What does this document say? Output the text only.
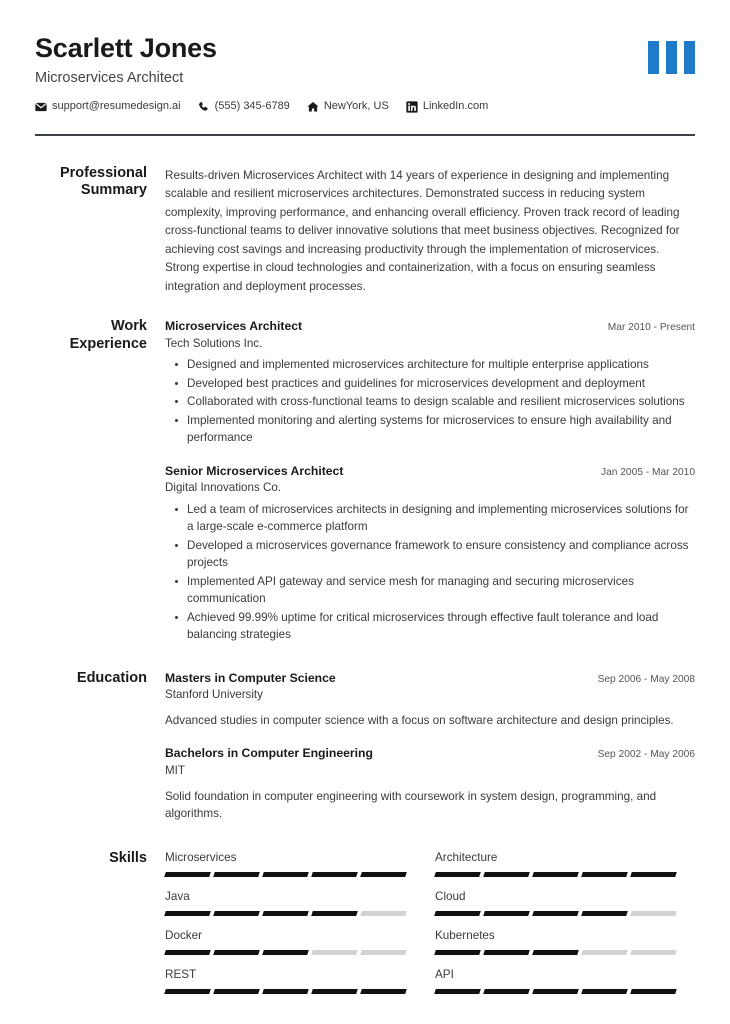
Scarlett Jones
Microservices Architect
support@resumedesign.ai	(555) 345-6789	NewYork, US	LinkedIn.com
Professional
Summary

Results-driven Microservices Architect with 14 years of experience in designing and implementing scalable and resilient microservices architectures. Demonstrated success in reducing system complexity, improving performance, and enhancing overall efficiency. Proven track record of leading cross-functional teams to deliver innovative solutions that meet business objectives. Recognized for achieving cost savings and increasing productivity through the implementation of microservices. Strong expertise in cloud technologies and containerization, with a focus on ensuring seamless integration and deployment processes.

Work
Experience
Microservices Architect	Mar 2010 - Present
Tech Solutions Inc.
Designed and implemented microservices architecture for multiple enterprise applications
Developed best practices and guidelines for microservices development and deployment
Collaborated with cross-functional teams to design scalable and resilient microservices solutions
Implemented monitoring and alerting systems for microservices to ensure high availability and performance
Senior Microservices Architect	Jan 2005 - Mar 2010
Digital Innovations Co.
Led a team of microservices architects in designing and implementing microservices solutions for a large-scale e-commerce platform
Developed a microservices governance framework to ensure consistency and compliance across projects
Implemented API gateway and service mesh for managing and securing microservices communication
Achieved 99.99% uptime for critical microservices through effective fault tolerance and load balancing strategies
Education Masters in Computer Science	Sep 2006 - May 2008
Stanford University

Advanced studies in computer science with a focus on software architecture and design principles.

Bachelors in Computer Engineering	Sep 2002 - May 2006
MIT

Solid foundation in computer engineering with coursework in system design, programming, and algorithms.

Skills Microservices	Architecture
Java	Cloud
Docker	Kubernetes
REST	API
